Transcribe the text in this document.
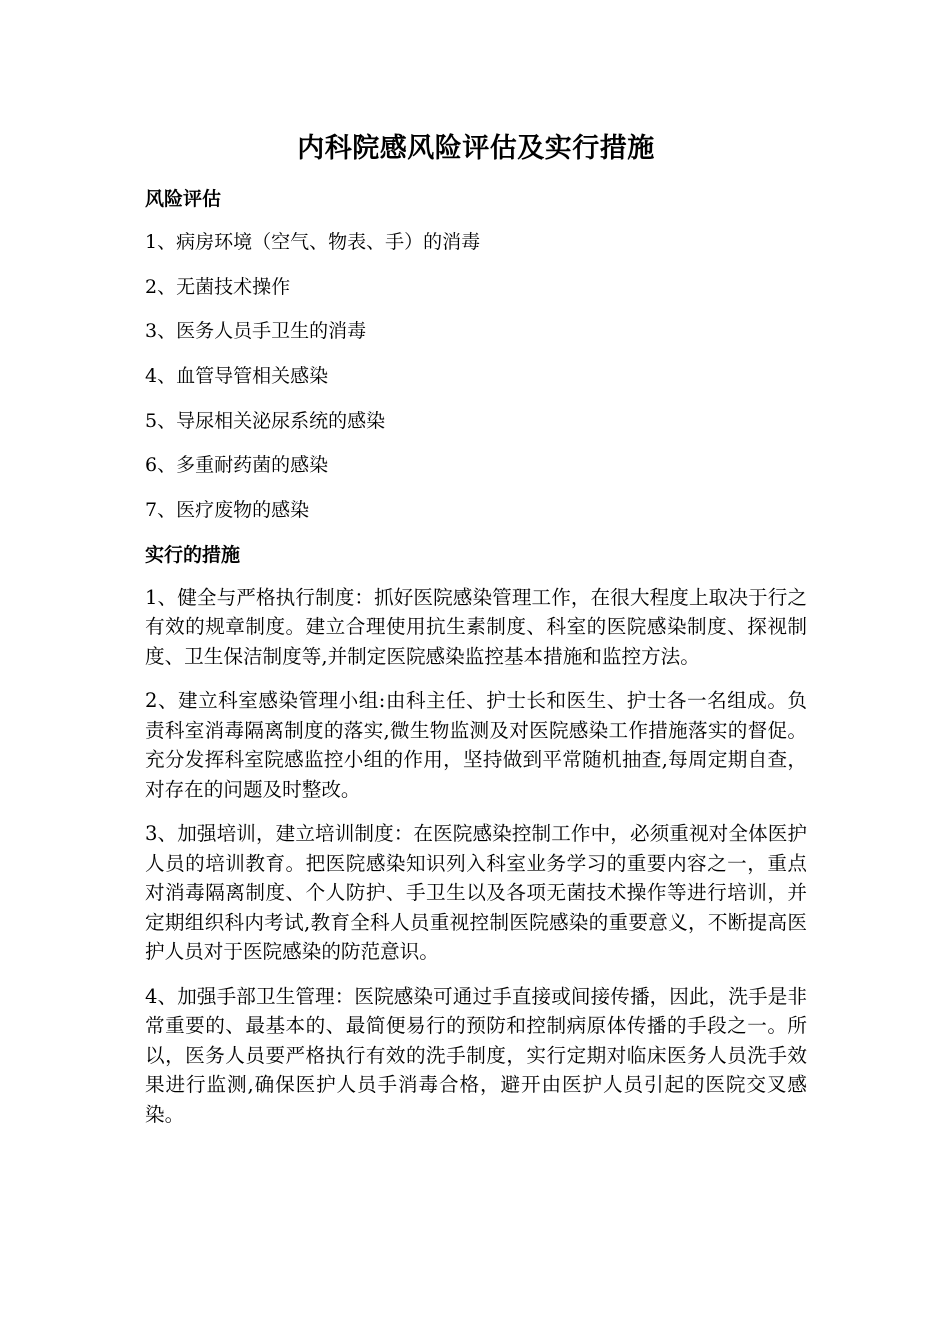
内科院感风险评估及实行措施
风险评估

1、病房环境（空气、物表、手）的消毒

2、无菌技术操作

3、医务人员手卫生的消毒

4、血管导管相关感染

5、导尿相关泌尿系统的感染

6、多重耐药菌的感染

7、医疗废物的感染

实行的措施

1、健全与严格执行制度：抓好医院感染管理工作，在很大程度上取决于行之有效的规章制度。建立合理使用抗生素制度、科室的医院感染制度、探视制度、卫生保洁制度等,并制定医院感染监控基本措施和监控方法。

2、建立科室感染管理小组:由科主任、护士长和医生、护士各一名组成。负责科室消毒隔离制度的落实,微生物监测及对医院感染工作措施落实的督促。充分发挥科室院感监控小组的作用，坚持做到平常随机抽查,每周定期自查，对存在的问题及时整改。

3、加强培训，建立培训制度：在医院感染控制工作中，必须重视对全体医护人员的培训教育。把医院感染知识列入科室业务学习的重要内容之一，重点对消毒隔离制度、个人防护、手卫生以及各项无菌技术操作等进行培训，并定期组织科内考试,教育全科人员重视控制医院感染的重要意义，不断提高医护人员对于医院感染的防范意识。

4、加强手部卫生管理：医院感染可通过手直接或间接传播，因此，洗手是非常重要的、最基本的、最简便易行的预防和控制病原体传播的手段之一。所以，医务人员要严格执行有效的洗手制度，实行定期对临床医务人员洗手效果进行监测,确保医护人员手消毒合格，避开由医护人员引起的医院交叉感染。
